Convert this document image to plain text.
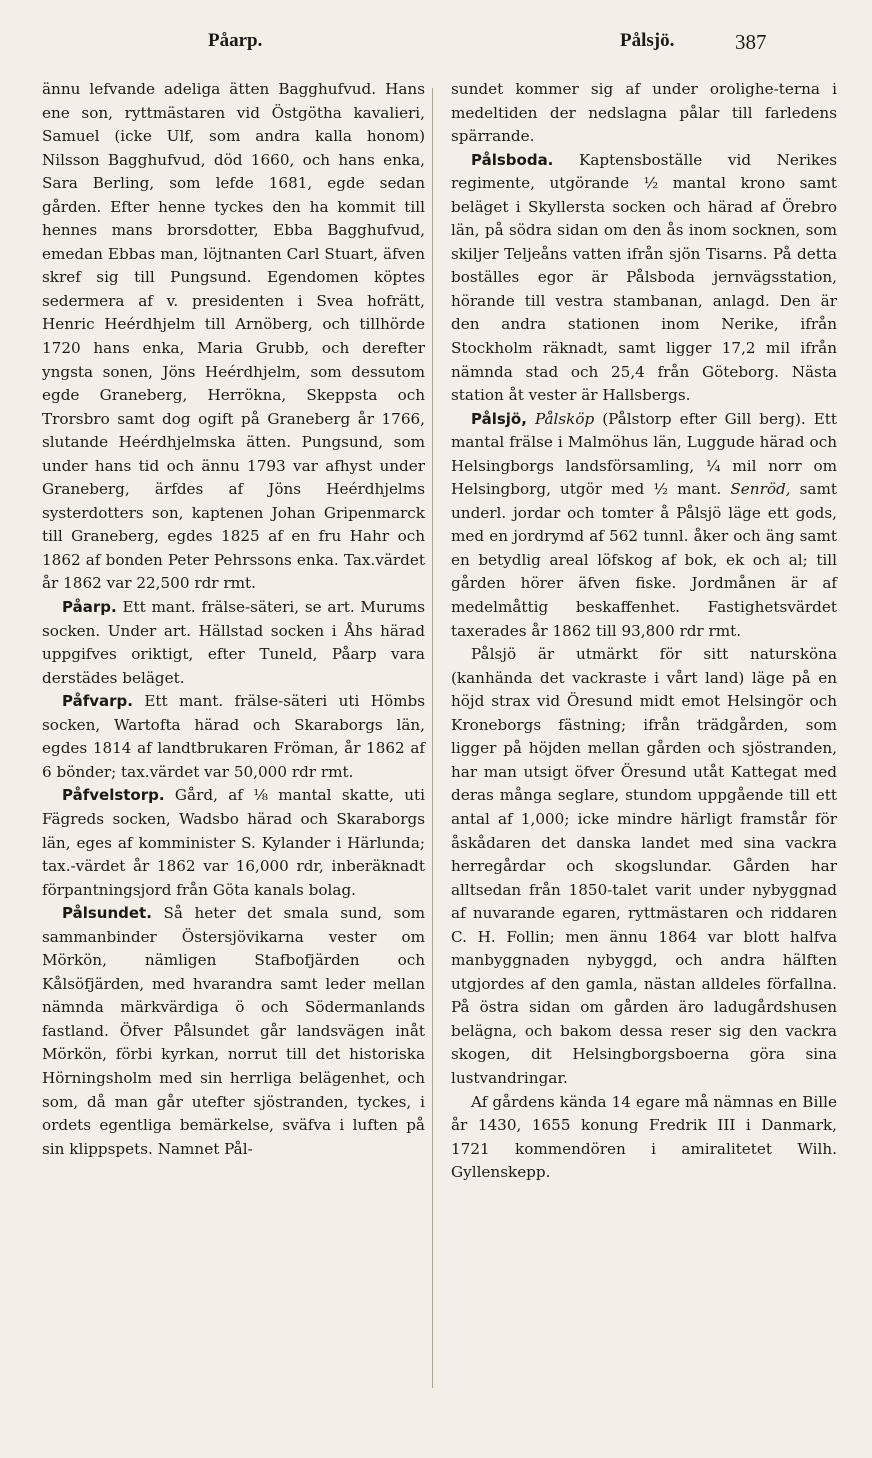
Påarp.	Pålsjö.	387

ännu lefvande adeliga ätten Bagghufvud. Hans ene son, ryttmästaren vid Östgötha kavalieri, Samuel (icke Ulf, som andra kalla honom) Nilsson Bagghufvud, död 1660, och hans enka, Sara Berling, som lefde 1681, egde sedan gården. Efter henne tyckes den ha kommit till hennes mans brorsdotter, Ebba Bagghufvud, emedan Ebbas man, löjtnanten Carl Stuart, äfven skref sig till Pungsund. Egendomen köptes sedermera af v. presidenten i Svea hofrätt, Henric Heérdhjelm till Arnöberg, och tillhörde 1720 hans enka, Maria Grubb, och derefter yngsta sonen, Jöns Heérdhjelm, som dessutom egde Graneberg, Herrökna, Skeppsta och Trorsbro samt dog ogift på Graneberg år 1766, slutande Heérdhjelmska ätten. Pungsund, som under hans tid och ännu 1793 var afhyst under Graneberg, ärfdes af Jöns Heérdhjelms systerdotters son, kaptenen Johan Gripenmarck till Graneberg, egdes 1825 af en fru Hahr och 1862 af bonden Peter Pehrssons enka. Tax.värdet år 1862 var 22,500 rdr rmt.

Påarp. Ett mant. frälse-säteri, se art. Murums socken. Under art. Hällstad socken i Åhs härad uppgifves oriktigt, efter Tuneld, Påarp vara derstädes beläget.

Påfvarp. Ett mant. frälse-säteri uti Hömbs socken, Wartofta härad och Skaraborgs län, egdes 1814 af landtbrukaren Fröman, år 1862 af 6 bönder; tax.värdet var 50,000 rdr rmt.

Påfvelstorp. Gård, af ⅛ mantal skatte, uti Fägreds socken, Wadsbo härad och Skaraborgs län, eges af komminister S. Kylander i Härlunda; tax.-värdet år 1862 var 16,000 rdr, inberäknadt förpantningsjord från Göta kanals bolag.

Pålsundet. Så heter det smala sund, som sammanbinder Östersjövikarna vester om Mörkön, nämligen Stafbofjärden och Kålsöfjärden, med hvarandra samt leder mellan nämnda märkvärdiga ö och Södermanlands fastland. Öfver Pålsundet går landsvägen inåt Mörkön, förbi kyrkan, norrut till det historiska Hörningsholm med sin herrliga belägenhet, och som, då man går utefter sjöstranden, tyckes, i ordets egentliga bemärkelse, sväfva i luften på sin klippspets. Namnet Pål-

sundet kommer sig af under orolighe-terna i medeltiden der nedslagna pålar till farledens spärrande.

Pålsboda. Kaptensboställe vid Nerikes regimente, utgörande ½ mantal krono samt beläget i Skyllersta socken och härad af Örebro län, på södra sidan om den ås inom socknen, som skiljer Teljeåns vatten ifrån sjön Tisarns. På detta boställes egor är Pålsboda jernvägsstation, hörande till vestra stambanan, anlagd. Den är den andra stationen inom Nerike, ifrån Stockholm räknadt, samt ligger 17,2 mil ifrån nämnda stad och 25,4 från Göteborg. Nästa station åt vester är Hallsbergs.

Pålsjö, Pålsköp (Pålstorp efter Gill berg). Ett mantal frälse i Malmöhus län, Luggude härad och Helsingborgs landsförsamling, ¼ mil norr om Helsingborg, utgör med ½ mant. Senröd, samt underl. jordar och tomter å Pålsjö läge ett gods, med en jordrymd af 562 tunnl. åker och äng samt en betydlig areal löfskog af bok, ek och al; till gården hörer äfven fiske. Jordmånen är af medelmåttig beskaffenhet. Fastighetsvärdet taxerades år 1862 till 93,800 rdr rmt.

Pålsjö är utmärkt för sitt natursköna (kanhända det vackraste i vårt land) läge på en höjd strax vid Öresund midt emot Helsingör och Kroneborgs fästning; ifrån trädgården, som ligger på höjden mellan gården och sjöstranden, har man utsigt öfver Öresund utåt Kattegat med deras många seglare, stundom uppgående till ett antal af 1,000; icke mindre härligt framstår för åskådaren det danska landet med sina vackra herregårdar och skogslundar. Gården har alltsedan från 1850-talet varit under nybyggnad af nuvarande egaren, ryttmästaren och riddaren C. H. Follin; men ännu 1864 var blott halfva manbyggnaden nybyggd, och andra hälften utgjordes af den gamla, nästan alldeles förfallna. På östra sidan om gården äro ladugårdshusen belägna, och bakom dessa reser sig den vackra skogen, dit Helsingborgsboerna göra sina lustvandringar.

Af gårdens kända 14 egare må nämnas en Bille år 1430, 1655 konung Fredrik III i Danmark, 1721 kommendören i amiralitetet Wilh. Gyllenskepp.
